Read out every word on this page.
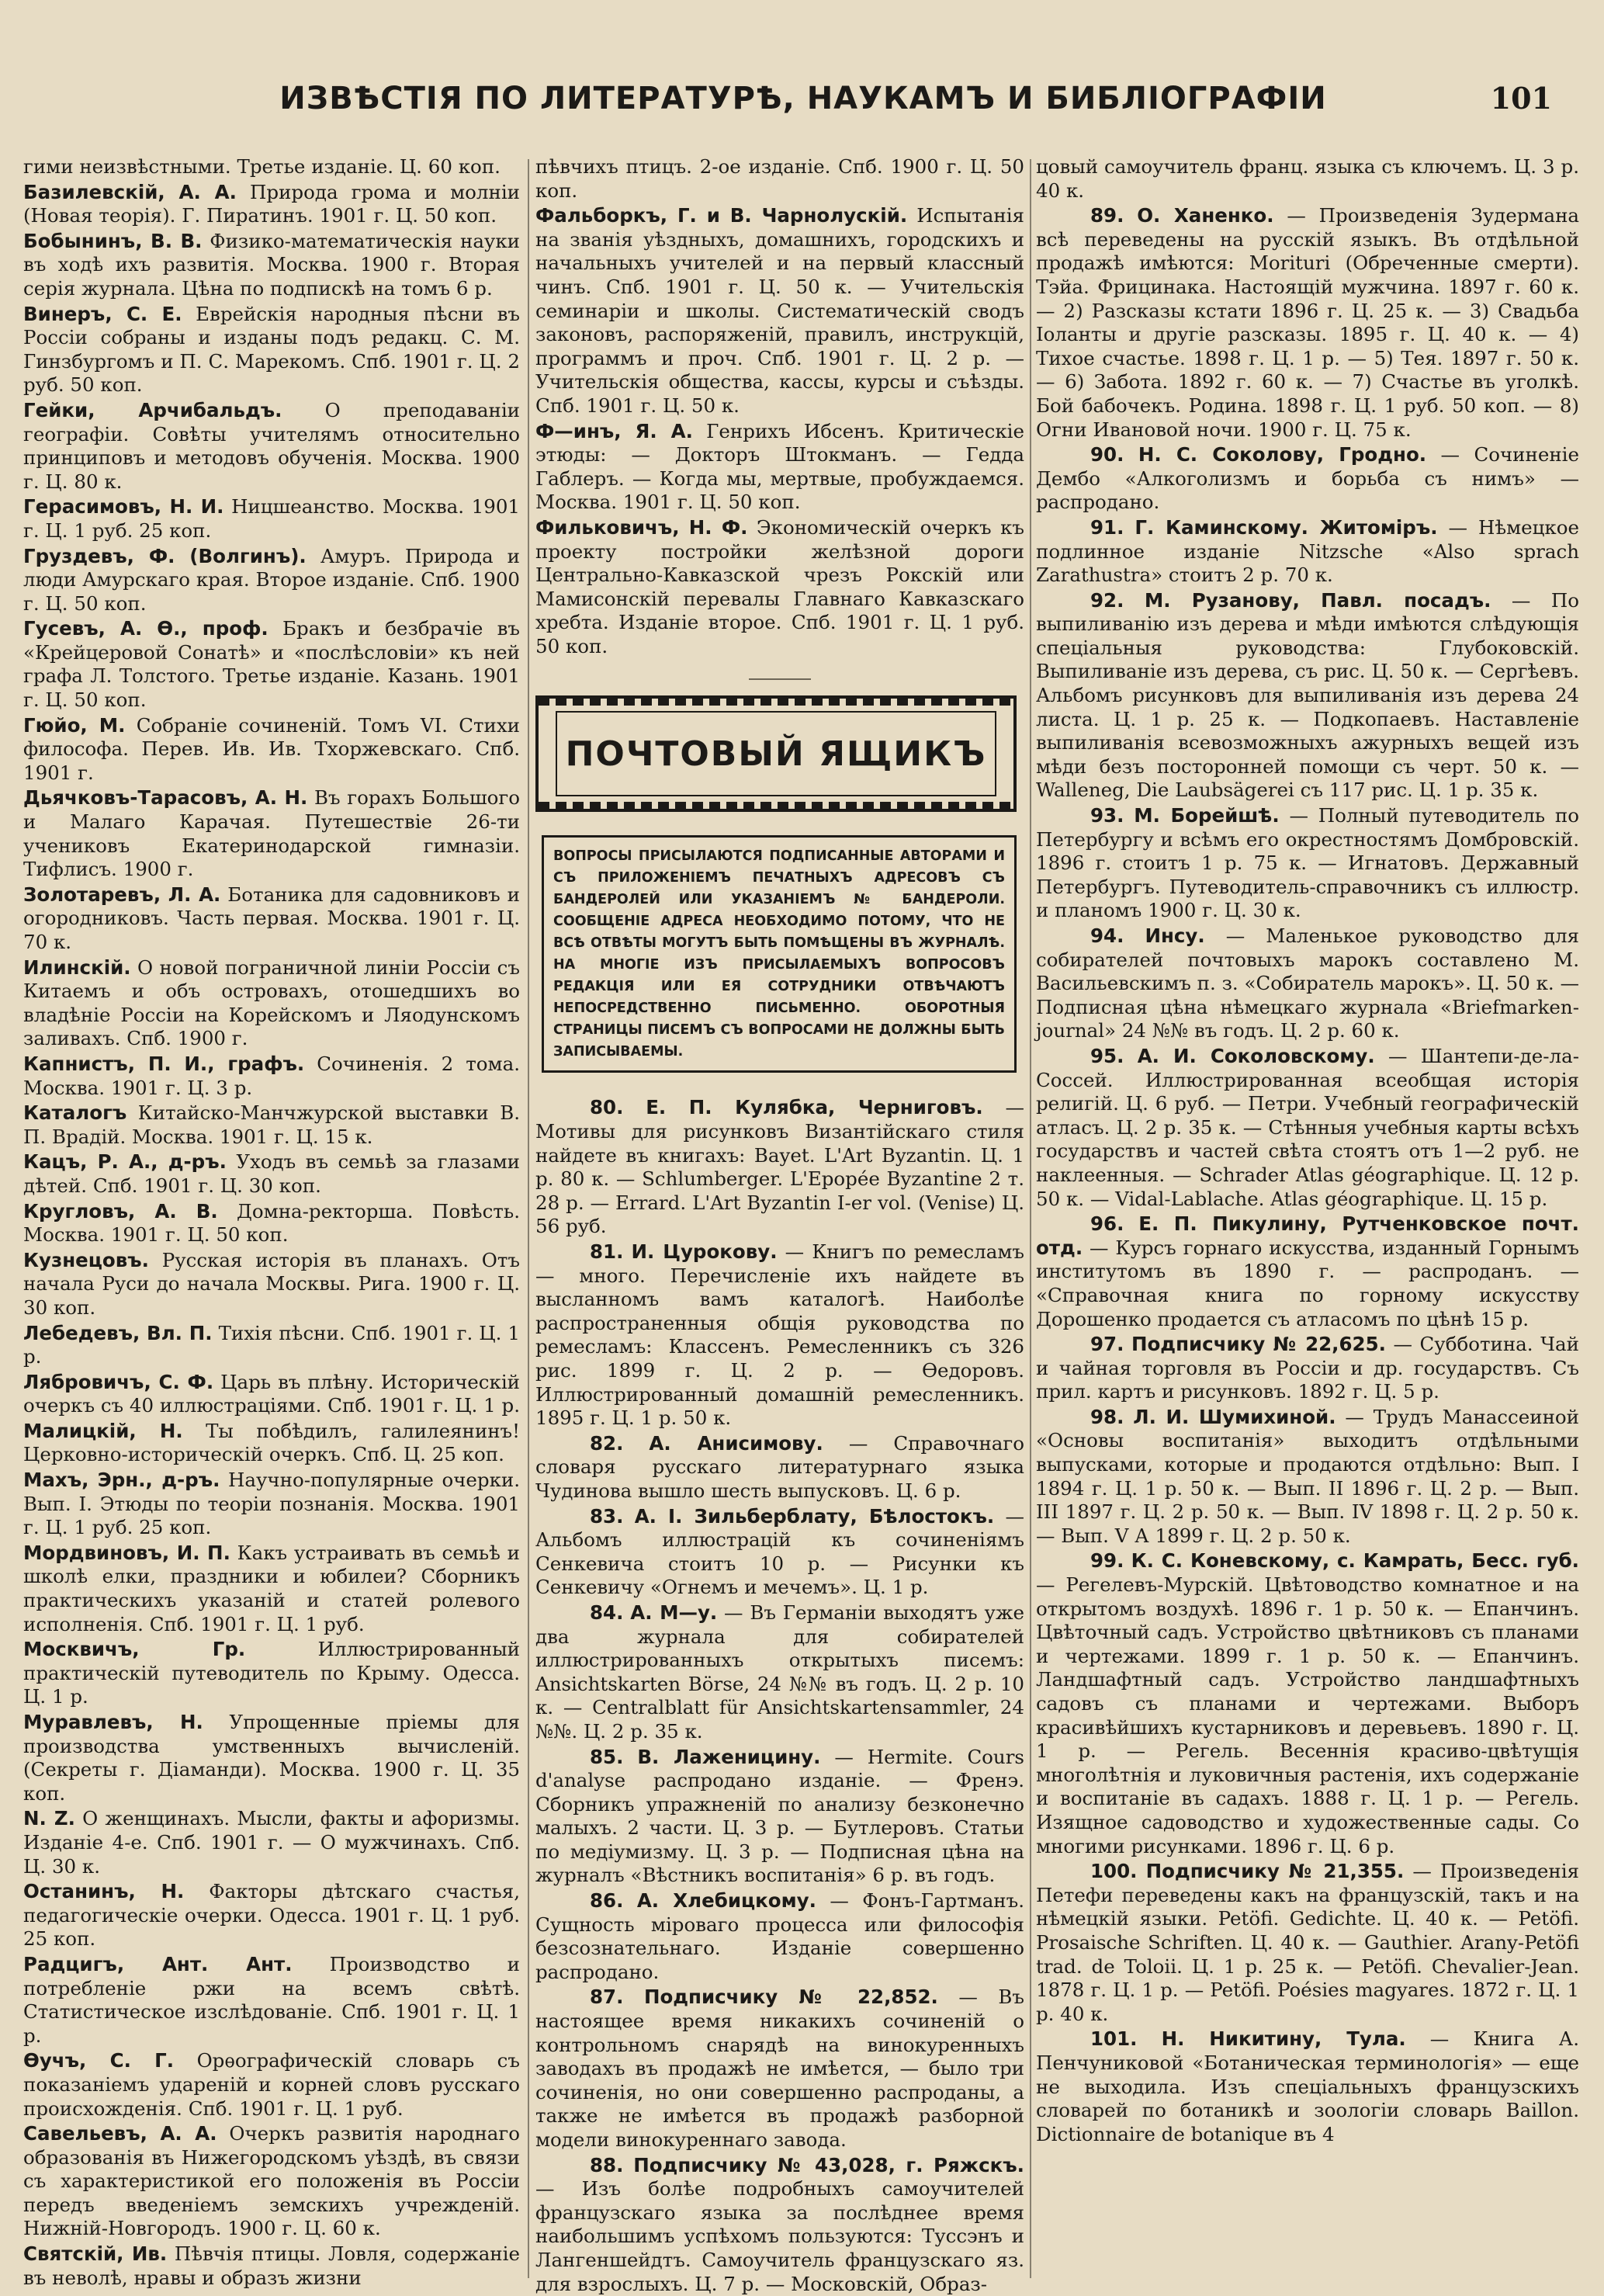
ИЗВѢСТІЯ ПО ЛИТЕРАТУРѢ, НАУКАМЪ И БИБЛІОГРАФІИ	101
гими неизвѣстными. Третье изданіе. Ц. 60 коп.
Базилевскій, А. А. Природа грома и молніи (Новая теорія). Г. Пиратинъ. 1901 г. Ц. 50 коп.
Бобынинъ, В. В. Физико-математическія науки въ ходѣ ихъ развитія. Москва. 1900 г. Вторая серія журнала. Цѣна по подпискѣ на томъ 6 р.
Винеръ, С. Е. Еврейскія народныя пѣсни въ Россіи собраны и изданы подъ редакц. С. М. Гинзбургомъ и П. С. Марекомъ. Спб. 1901 г. Ц. 2 руб. 50 коп.
Гейки, Арчибальдъ. О преподаваніи географіи. Совѣты учителямъ относительно принциповъ и методовъ обученія. Москва. 1900 г. Ц. 80 к.
Герасимовъ, Н. И. Ницшеанство. Москва. 1901 г. Ц. 1 руб. 25 коп.
Груздевъ, Ф. (Волгинъ). Амуръ. Природа и люди Амурскаго края. Второе изданіе. Спб. 1900 г. Ц. 50 коп.
Гусевъ, А. Ѳ., проф. Бракъ и безбрачіе въ «Крейцеровой Сонатѣ» и «послѣсловіи» къ ней графа Л. Толстого. Третье изданіе. Казань. 1901 г. Ц. 50 коп.
Гюйо, М. Собраніе сочиненій. Томъ VI. Стихи философа. Перев. Ив. Ив. Тхоржевскаго. Спб. 1901 г.
Дьячковъ-Тарасовъ, А. Н. Въ горахъ Большого и Малаго Карачая. Путешествіе 26-ти учениковъ Екатеринодарской гимназіи. Тифлисъ. 1900 г.
Золотаревъ, Л. А. Ботаника для садовниковъ и огородниковъ. Часть первая. Москва. 1901 г. Ц. 70 к.
Илинскій. О новой пограничной линіи Россіи съ Китаемъ и объ островахъ, отошедшихъ во владѣніе Россіи на Корейскомъ и Ляодунскомъ заливахъ. Спб. 1900 г.
Капнистъ, П. И., графъ. Сочиненія. 2 тома. Москва. 1901 г. Ц. 3 р.
Каталогъ Китайско-Манчжурской выставки В. П. Врадій. Москва. 1901 г. Ц. 15 к.
Кацъ, Р. А., д-ръ. Уходъ въ семьѣ за глазами дѣтей. Спб. 1901 г. Ц. 30 коп.
Кругловъ, А. В. Домна-ректорша. Повѣсть. Москва. 1901 г. Ц. 50 коп.
Кузнецовъ. Русская исторія въ планахъ. Отъ начала Руси до начала Москвы. Рига. 1900 г. Ц. 30 коп.
Лебедевъ, Вл. П. Тихія пѣсни. Спб. 1901 г. Ц. 1 р.
Лябровичъ, С. Ф. Царь въ плѣну. Историческій очеркъ съ 40 иллюстраціями. Спб. 1901 г. Ц. 1 р.
Малицкій, Н. Ты побѣдилъ, галилеянинъ! Церковно-историческій очеркъ. Спб. Ц. 25 коп.
Махъ, Эрн., д-ръ. Научно-популярные очерки. Вып. I. Этюды по теоріи познанія. Москва. 1901 г. Ц. 1 руб. 25 коп.
Мордвиновъ, И. П. Какъ устраивать въ семьѣ и школѣ елки, праздники и юбилеи? Сборникъ практическихъ указаній и статей ролевого исполненія. Спб. 1901 г. Ц. 1 руб.
Москвичъ, Гр. Иллюстрированный практическій путеводитель по Крыму. Одесса. Ц. 1 р.
Муравлевъ, Н. Упрощенные пріемы для производства умственныхъ вычисленій. (Секреты г. Діаманди). Москва. 1900 г. Ц. 35 коп.
N. Z. О женщинахъ. Мысли, факты и афоризмы. Изданіе 4-е. Спб. 1901 г. — О мужчинахъ. Спб. Ц. 30 к.
Останинъ, Н. Факторы дѣтскаго счастья, педагогическіе очерки. Одесса. 1901 г. Ц. 1 руб. 25 коп.
Радцигъ, Ант. Ант. Производство и потребленіе ржи на всемъ свѣтѣ. Статистическое изслѣдованіе. Спб. 1901 г. Ц. 1 р.
Ѳучъ, С. Г. Орѳографическій словарь съ показаніемъ удареній и корней словъ русскаго происхожденія. Спб. 1901 г. Ц. 1 руб.
Савельевъ, А. А. Очеркъ развитія народнаго образованія въ Нижегородскомъ уѣздѣ, въ связи съ характеристикой его положенія въ Россіи передъ введеніемъ земскихъ учрежденій. Нижній-Новгородъ. 1900 г. Ц. 60 к.
Святскій, Ив. Пѣвчія птицы. Ловля, содержаніе въ неволѣ, нравы и образъ жизни
пѣвчихъ птицъ. 2-ое изданіе. Спб. 1900 г. Ц. 50 коп.
Фальборкъ, Г. и В. Чарнолускій. Испытанія на званія уѣздныхъ, домашнихъ, городскихъ и начальныхъ учителей и на первый классный чинъ. Спб. 1901 г. Ц. 50 к. — Учительскія семинаріи и школы. Систематическій сводъ законовъ, распоряженій, правилъ, инструкцій, программъ и проч. Спб. 1901 г. Ц. 2 р. — Учительскія общества, кассы, курсы и съѣзды. Спб. 1901 г. Ц. 50 к.
Ф—инъ, Я. А. Генрихъ Ибсенъ. Критическіе этюды: — Докторъ Штокманъ. — Гедда Габлеръ. — Когда мы, мертвые, пробуждаемся. Москва. 1901 г. Ц. 50 коп.
Фильковичъ, Н. Ф. Экономическій очеркъ къ проекту постройки желѣзной дороги Центрально-Кавказской чрезъ Рокскій или Мамисонскій перевалы Главнаго Кавказскаго хребта. Изданіе второе. Спб. 1901 г. Ц. 1 руб. 50 коп.
ПОЧТОВЫЙ ЯЩИКЪ
ВОПРОСЫ ПРИСЫЛАЮТСЯ ПОДПИСАННЫЕ АВТОРАМИ И СЪ ПРИЛОЖЕНІЕМЪ ПЕЧАТНЫХЪ АДРЕСОВЪ СЪ БАНДЕРОЛЕЙ ИЛИ УКАЗАНІЕМЪ № БАНДЕРОЛИ. СООБЩЕНІЕ АДРЕСА НЕОБХОДИМО ПОТОМУ, ЧТО НЕ ВСѢ ОТВѢТЫ МОГУТЪ БЫТЬ ПОМѢЩЕНЫ ВЪ ЖУРНАЛѢ. НА МНОГІЕ ИЗЪ ПРИСЫЛАЕМЫХЪ ВОПРОСОВЪ РЕДАКЦІЯ ИЛИ ЕЯ СОТРУДНИКИ ОТВѢЧАЮТЪ НЕПОСРЕДСТВЕННО ПИСЬМЕННО. ОБОРОТНЫЯ СТРАНИЦЫ ПИСЕМЪ СЪ ВОПРОСАМИ НЕ ДОЛЖНЫ БЫТЬ ЗАПИСЫВАЕМЫ.
80. Е. П. Кулябка, Черниговъ. — Мотивы для рисунковъ Византійскаго стиля найдете въ книгахъ: Bayet. L'Art Byzantin. Ц. 1 р. 80 к. — Schlumberger. L'Epopée Byzantine 2 т. 28 р. — Errard. L'Art Byzantin I-er vol. (Venise) Ц. 56 руб.
81. И. Цурокову. — Книгъ по ремесламъ — много. Перечисленіе ихъ найдете въ высланномъ вамъ каталогѣ. Наиболѣе распространенныя общія руководства по ремесламъ: Классенъ. Ремесленникъ съ 326 рис. 1899 г. Ц. 2 р. — Ѳедоровъ. Иллюстрированный домашній ремесленникъ. 1895 г. Ц. 1 р. 50 к.
82. А. Анисимову. — Справочнаго словаря русскаго литературнаго языка Чудинова вышло шесть выпусковъ. Ц. 6 р.
83. А. І. Зильберблату, Бѣлостокъ. — Альбомъ иллюстрацій къ сочиненіямъ Сенкевича стоитъ 10 р. — Рисунки къ Сенкевичу «Огнемъ и мечемъ». Ц. 1 р.
84. А. М—у. — Въ Германіи выходятъ уже два журнала для собирателей иллюстрированныхъ открытыхъ писемъ: Ansichtskarten Börse, 24 №№ въ годъ. Ц. 2 р. 10 к. — Centralblatt für Ansichtskartensammler, 24 №№. Ц. 2 р. 35 к.
85. В. Лаженицину. — Hermite. Cours d'analyse распродано изданіе. — Френэ. Сборникъ упражненій по анализу безконечно малыхъ. 2 части. Ц. 3 р. — Бутлеровъ. Статьи по медіумизму. Ц. 3 р. — Подписная цѣна на журналъ «Вѣстникъ воспитанія» 6 р. въ годъ.
86. А. Хлебицкому. — Фонъ-Гартманъ. Сущность міроваго процесса или философія безсознательнаго. Изданіе совершенно распродано.
87. Подписчику № 22,852. — Въ настоящее время никакихъ сочиненій о контрольномъ снарядѣ на винокуренныхъ заводахъ въ продажѣ не имѣется, — было три сочиненія, но они совершенно распроданы, а также не имѣется въ продажѣ разборной модели винокуреннаго завода.
88. Подписчику № 43,028, г. Ряжскъ. — Изъ болѣе подробныхъ самоучителей французскаго языка за послѣднее время наибольшимъ успѣхомъ пользуются: Туссэнъ и Лангеншейдтъ. Самоучитель французскаго яз. для взрослыхъ. Ц. 7 р. — Московскій, Образ-
цовый самоучитель франц. языка съ ключемъ. Ц. 3 р. 40 к.
89. О. Ханенко. — Произведенія Зудермана всѣ переведены на русскій языкъ. Въ отдѣльной продажѣ имѣются: Morituri (Обреченные смерти). Тэйа. Фрицинака. Настоящій мужчина. 1897 г. 60 к. — 2) Разсказы кстати 1896 г. Ц. 25 к. — 3) Свадьба Іоланты и другіе разсказы. 1895 г. Ц. 40 к. — 4) Тихое счастье. 1898 г. Ц. 1 р. — 5) Тея. 1897 г. 50 к. — 6) Забота. 1892 г. 60 к. — 7) Счастье въ уголкѣ. Бой бабочекъ. Родина. 1898 г. Ц. 1 руб. 50 коп. — 8) Огни Ивановой ночи. 1900 г. Ц. 75 к.
90. Н. С. Соколову, Гродно. — Сочиненіе Дембо «Алкоголизмъ и борьба съ нимъ» — распродано.
91. Г. Каминскому. Житоміръ. — Нѣмецкое подлинное изданіе Nitzsche «Also sprach Zarathustra» стоитъ 2 р. 70 к.
92. М. Рузанову, Павл. посадъ. — По выпиливанію изъ дерева и мѣди имѣются слѣдующія спеціальныя руководства: Глубоковскій. Выпиливаніе изъ дерева, съ рис. Ц. 50 к. — Сергѣевъ. Альбомъ рисунковъ для выпиливанія изъ дерева 24 листа. Ц. 1 р. 25 к. — Подкопаевъ. Наставленіе выпиливанія всевозможныхъ ажурныхъ вещей изъ мѣди безъ посторонней помощи съ черт. 50 к. — Walleneg, Die Laubsägerei съ 117 рис. Ц. 1 р. 35 к.
93. М. Борейшѣ. — Полный путеводитель по Петербургу и всѣмъ его окрестностямъ Домбровскій. 1896 г. стоитъ 1 р. 75 к. — Игнатовъ. Державный Петербургъ. Путеводитель-справочникъ съ иллюстр. и планомъ 1900 г. Ц. 30 к.
94. Инсу. — Маленькое руководство для собирателей почтовыхъ марокъ составлено М. Васильевскимъ п. з. «Собиратель марокъ». Ц. 50 к. — Подписная цѣна нѣмецкаго журнала «Briefmarken-journal» 24 №№ въ годъ. Ц. 2 р. 60 к.
95. А. И. Соколовскому. — Шантепи-де-ла-Соссей. Иллюстрированная всеобщая исторія религій. Ц. 6 руб. — Петри. Учебный географическій атласъ. Ц. 2 р. 35 к. — Стѣнныя учебныя карты всѣхъ государствъ и частей свѣта стоятъ отъ 1—2 руб. не наклеенныя. — Schrader Atlas géographique. Ц. 12 р. 50 к. — Vidal-Lablache. Atlas géographique. Ц. 15 р.
96. Е. П. Пикулину, Рутченковское почт. отд. — Курсъ горнаго искусства, изданный Горнымъ институтомъ въ 1890 г. — распроданъ. — «Справочная книга по горному искусству Дорошенко продается съ атласомъ по цѣнѣ 15 р.
97. Подписчику № 22,625. — Субботина. Чай и чайная торговля въ Россіи и др. государствъ. Съ прил. картъ и рисунковъ. 1892 г. Ц. 5 р.
98. Л. И. Шумихиной. — Трудъ Манассеиной «Основы воспитанія» выходитъ отдѣльными выпусками, которые и продаются отдѣльно: Вып. I 1894 г. Ц. 1 р. 50 к. — Вып. II 1896 г. Ц. 2 р. — Вып. III 1897 г. Ц. 2 р. 50 к. — Вып. IV 1898 г. Ц. 2 р. 50 к. — Вып. V А 1899 г. Ц. 2 р. 50 к.
99. К. С. Коневскому, с. Камрать, Бесс. губ. — Регелевъ-Мурскій. Цвѣтоводство комнатное и на открытомъ воздухѣ. 1896 г. 1 р. 50 к. — Епанчинъ. Цвѣточный садъ. Устройство цвѣтниковъ съ планами и чертежами. 1899 г. 1 р. 50 к. — Епанчинъ. Ландшафтный садъ. Устройство ландшафтныхъ садовъ съ планами и чертежами. Выборъ красивѣйшихъ кустарниковъ и деревьевъ. 1890 г. Ц. 1 р. — Регель. Весеннія красиво-цвѣтущія многолѣтнія и луковичныя растенія, ихъ содержаніе и воспитаніе въ садахъ. 1888 г. Ц. 1 р. — Регель. Изящное садоводство и художественные сады. Со многими рисунками. 1896 г. Ц. 6 р.
100. Подписчику № 21,355. — Произведенія Петефи переведены какъ на французскій, такъ и на нѣмецкій языки. Petöfi. Gedichte. Ц. 40 к. — Petöfi. Prosaische Schriften. Ц. 40 к. — Gauthier. Arany-Petöfi trad. de Toloii. Ц. 1 р. 25 к. — Petöfi. Chevalier-Jean. 1878 г. Ц. 1 р. — Petöfi. Poésies magyares. 1872 г. Ц. 1 р. 40 к.
101. Н. Никитину, Тула. — Книга А. Пенчуниковой «Ботаническая терминологія» — еще не выходила. Изъ спеціальныхъ французскихъ словарей по ботаникѣ и зоологіи словарь Baillon. Dictionnaire de botanique въ 4
